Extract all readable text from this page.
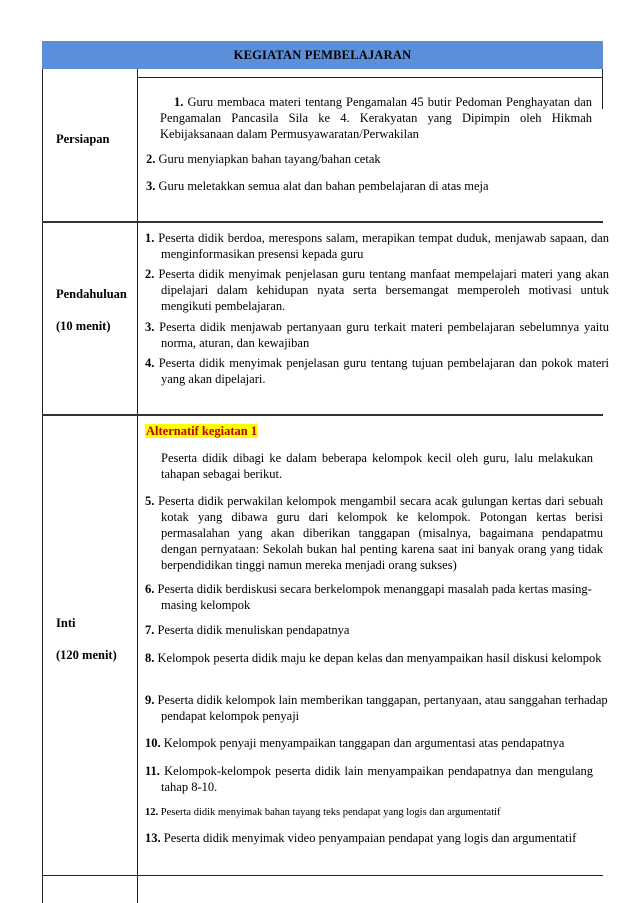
KEGIATAN PEMBELAJARAN
Persiapan
1. Guru membaca materi tentang Pengamalan 45 butir Pedoman Penghayatan dan Pengamalan Pancasila Sila ke 4. Kerakyatan yang Dipimpin oleh Hikmah Kebijaksanaan dalam Permusyawaratan/Perwakilan
2. Guru menyiapkan bahan tayang/bahan cetak
3. Guru meletakkan semua alat dan bahan pembelajaran di atas meja
Pendahuluan
(10 menit)
1. Peserta didik berdoa, merespons salam, merapikan tempat duduk, menjawab sapaan, dan menginformasikan presensi kepada guru
2. Peserta didik menyimak penjelasan guru tentang manfaat mempelajari materi yang akan dipelajari dalam kehidupan nyata serta bersemangat memperoleh motivasi untuk mengikuti pembelajaran.
3. Peserta didik menjawab pertanyaan guru terkait materi pembelajaran sebelumnya yaitu norma, aturan, dan kewajiban
4. Peserta didik menyimak penjelasan guru tentang tujuan pembelajaran dan pokok materi yang akan dipelajari.
Inti
(120 menit)
Alternatif kegiatan 1
Peserta didik dibagi ke dalam beberapa kelompok kecil oleh guru, lalu melakukan tahapan sebagai berikut.
5. Peserta didik perwakilan kelompok mengambil secara acak gulungan kertas dari sebuah kotak yang dibawa guru dari kelompok ke kelompok. Potongan kertas berisi permasalahan yang akan diberikan tanggapan (misalnya, bagaimana pendapatmu dengan pernyataan: Sekolah bukan hal penting karena saat ini banyak orang yang tidak berpendidikan tinggi namun mereka menjadi orang sukses)
6. Peserta didik berdiskusi secara berkelompok menanggapi masalah pada kertas masing-masing kelompok
7. Peserta didik menuliskan pendapatnya
8. Kelompok peserta didik maju ke depan kelas dan menyampaikan hasil diskusi kelompok
9. Peserta didik kelompok lain memberikan tanggapan, pertanyaan, atau sanggahan terhadap pendapat kelompok penyaji
10. Kelompok penyaji menyampaikan tanggapan dan argumentasi atas pendapatnya
11. Kelompok-kelompok peserta didik lain menyampaikan pendapatnya dan mengulang tahap 8-10.
12. Peserta didik menyimak bahan tayang teks pendapat yang logis dan argumentatif
13. Peserta didik menyimak video penyampaian pendapat yang logis dan argumentatif
